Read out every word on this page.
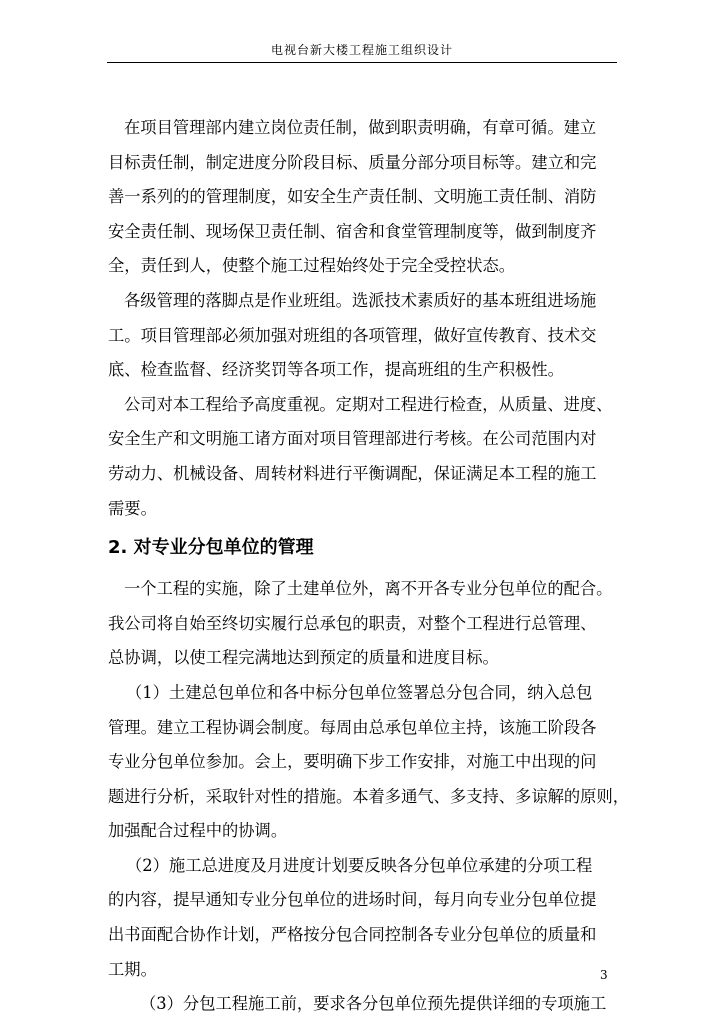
电视台新大楼工程施工组织设计
在项目管理部内建立岗位责任制，做到职责明确，有章可循。建立
目标责任制，制定进度分阶段目标、质量分部分项目标等。建立和完
善一系列的的管理制度，如安全生产责任制、文明施工责任制、消防
安全责任制、现场保卫责任制、宿舍和食堂管理制度等，做到制度齐
全，责任到人，使整个施工过程始终处于完全受控状态。
各级管理的落脚点是作业班组。选派技术素质好的基本班组进场施
工。项目管理部必须加强对班组的各项管理，做好宣传教育、技术交
底、检查监督、经济奖罚等各项工作，提高班组的生产积极性。
公司对本工程给予高度重视。定期对工程进行检查，从质量、进度、
安全生产和文明施工诸方面对项目管理部进行考核。在公司范围内对
劳动力、机械设备、周转材料进行平衡调配，保证满足本工程的施工
需要。
2. 对专业分包单位的管理
一个工程的实施，除了土建单位外，离不开各专业分包单位的配合。
我公司将自始至终切实履行总承包的职责，对整个工程进行总管理、
总协调，以使工程完满地达到预定的质量和进度目标。
（1）土建总包单位和各中标分包单位签署总分包合同，纳入总包
管理。建立工程协调会制度。每周由总承包单位主持，该施工阶段各
专业分包单位参加。会上，要明确下步工作安排，对施工中出现的问
题进行分析，采取针对性的措施。本着多通气、多支持、多谅解的原则，
加强配合过程中的协调。
（2）施工总进度及月进度计划要反映各分包单位承建的分项工程
的内容，提早通知专业分包单位的进场时间，每月向专业分包单位提
出书面配合协作计划，严格按分包合同控制各专业分包单位的质量和
工期。
（3）分包工程施工前，要求各分包单位预先提供详细的专项施工
3
